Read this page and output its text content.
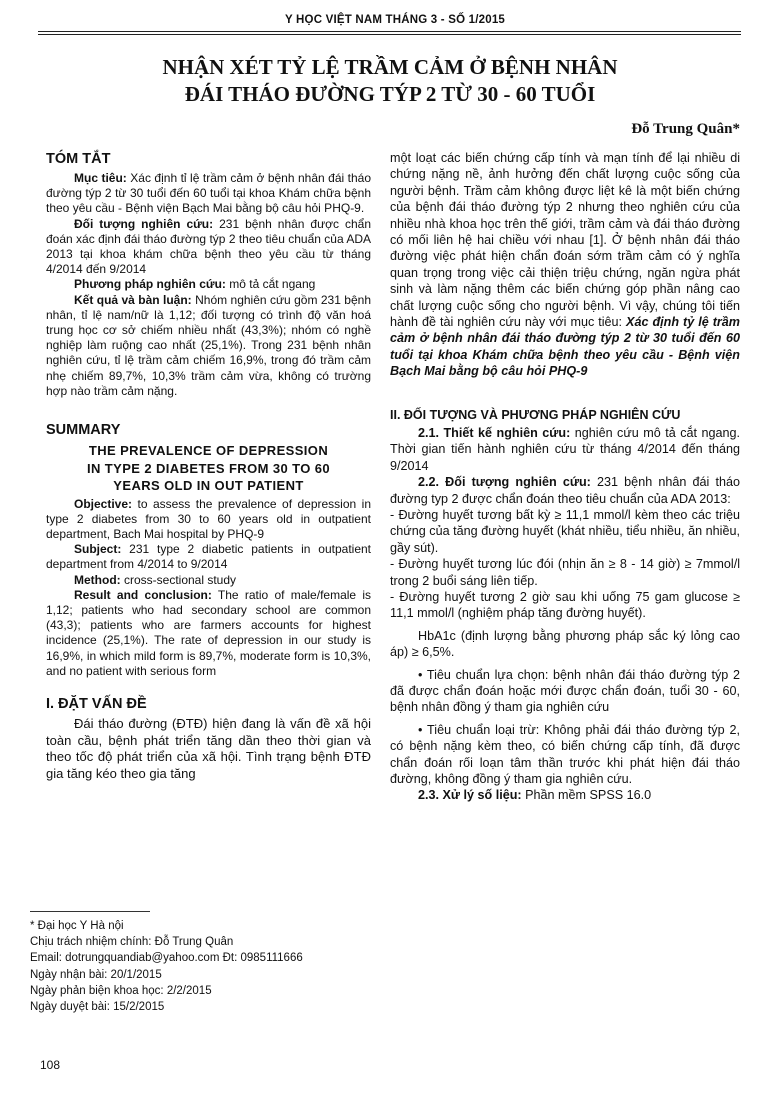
Y HỌC VIỆT NAM THÁNG 3 - SỐ 1/2015
NHẬN XÉT TỶ LỆ TRẦM CẢM Ở BỆNH NHÂN
ĐÁI THÁO ĐƯỜNG TÝP 2 TỪ 30 - 60 TUỔI
Đỗ Trung Quân*
TÓM TẮT

Mục tiêu: Xác định tỉ lệ trầm cảm ở bệnh nhân đái tháo đường týp 2 từ 30 tuổi đến 60 tuổi tại khoa Khám chữa bệnh theo yêu cầu - Bệnh viện Bạch Mai bằng bộ câu hỏi PHQ-9.

Đối tượng nghiên cứu: 231 bệnh nhân được chẩn đoán xác định đái tháo đường týp 2 theo tiêu chuẩn của ADA 2013 tại khoa khám chữa bệnh theo yêu cầu từ tháng 4/2014 đến 9/2014

Phương pháp nghiên cứu: mô tả cắt ngang

Kết quả và bàn luận: Nhóm nghiên cứu gồm 231 bệnh nhân, tỉ lệ nam/nữ là 1,12; đối tượng có trình độ văn hoá trung học cơ sở chiếm nhiều nhất (43,3%); nhóm có nghề nghiệp làm ruộng cao nhất (25,1%). Trong 231 bệnh nhân nghiên cứu, tỉ lệ trầm cảm chiếm 16,9%, trong đó trầm cảm nhẹ chiếm 89,7%, 10,3% trầm cảm vừa, không có trường hợp nào trầm cảm nặng.

SUMMARY
THE PREVALENCE OF DEPRESSION
IN TYPE 2 DIABETES FROM 30 TO 60
YEARS OLD IN OUT PATIENT

Objective: to assess the prevalence of depression in type 2 diabetes from 30 to 60 years old in outpatient department, Bach Mai hospital by PHQ-9

Subject: 231 type 2 diabetic patients in outpatient department from 4/2014 to 9/2014

Method: cross-sectional study

Result and conclusion: The ratio of male/female is 1,12; patients who had secondary school are common (43,3); patients who are farmers accounts for highest incidence (25,1%). The rate of depression in our study is 16,9%, in which mild form is 89,7%, moderate form is 10,3%, and no patient with serious form

I. ĐẶT VẤN ĐỀ

Đái tháo đường (ĐTĐ) hiện đang là vấn đề xã hội toàn cầu, bệnh phát triển tăng dần theo thời gian và theo tốc độ phát triển của xã hội. Tình trạng bệnh ĐTĐ gia tăng kéo theo gia tăng

* Đại học Y Hà nội
Chịu trách nhiệm chính: Đỗ Trung Quân
Email: dotrungquandiab@yahoo.com Đt: 0985111666
Ngày nhận bài: 20/1/2015
Ngày phản biện khoa học: 2/2/2015
Ngày duyệt bài: 15/2/2015

một loạt các biến chứng cấp tính và mạn tính để lại nhiều di chứng nặng nề, ảnh hưởng đến chất lượng cuộc sống của người bệnh. Trầm cảm không được liệt kê là một biến chứng của bệnh đái tháo đường týp 2 nhưng theo nghiên cứu của nhiều nhà khoa học trên thế giới, trầm cảm và đái tháo đường có mối liên hệ hai chiều với nhau [1]. Ở bệnh nhân đái tháo đường việc phát hiện chẩn đoán sớm trầm cảm có ý nghĩa quan trọng trong việc cải thiện triệu chứng, ngăn ngừa phát sinh và làm nặng thêm các biến chứng góp phần nâng cao chất lượng cuộc sống cho người bệnh. Vì vậy, chúng tôi tiến hành đề tài nghiên cứu này với mục tiêu: Xác định tỷ lệ trầm cảm ở bệnh nhân đái tháo đường týp 2 từ 30 tuổi đến 60 tuổi tại khoa Khám chữa bệnh theo yêu cầu - Bệnh viện Bạch Mai bằng bộ câu hỏi PHQ-9

II. ĐỐI TƯỢNG VÀ PHƯƠNG PHÁP NGHIÊN CỨU

2.1. Thiết kế nghiên cứu: nghiên cứu mô tả cắt ngang. Thời gian tiến hành nghiên cứu từ tháng 4/2014 đến tháng 9/2014

2.2. Đối tượng nghiên cứu: 231 bệnh nhân đái tháo đường typ 2 được chẩn đoán theo tiêu chuẩn của ADA 2013:

- Đường huyết tương bất kỳ ≥ 11,1 mmol/l kèm theo các triệu chứng của tăng đường huyết (khát nhiều, tiểu nhiều, ăn nhiều, gầy sút).

- Đường huyết tương lúc đói (nhịn ăn ≥ 8 - 14 giờ) ≥ 7mmol/l trong 2 buổi sáng liên tiếp.

- Đường huyết tương 2 giờ sau khi uống 75 gam glucose ≥ 11,1 mmol/l (nghiệm pháp tăng đường huyết).

HbA1c (định lượng bằng phương pháp sắc ký lỏng cao áp) ≥ 6,5%.

• Tiêu chuẩn lựa chọn: bệnh nhân đái tháo đường týp 2 đã được chẩn đoán hoặc mới được chẩn đoán, tuổi 30 - 60, bệnh nhân đồng ý tham gia nghiên cứu

• Tiêu chuẩn loại trừ: Không phải đái tháo đường týp 2, có bệnh nặng kèm theo, có biến chứng cấp tính, đã được chẩn đoán rối loạn tâm thần trước khi phát hiện đái tháo đường, không đồng ý tham gia nghiên cứu.

2.3. Xử lý số liệu: Phần mềm SPSS 16.0

108
